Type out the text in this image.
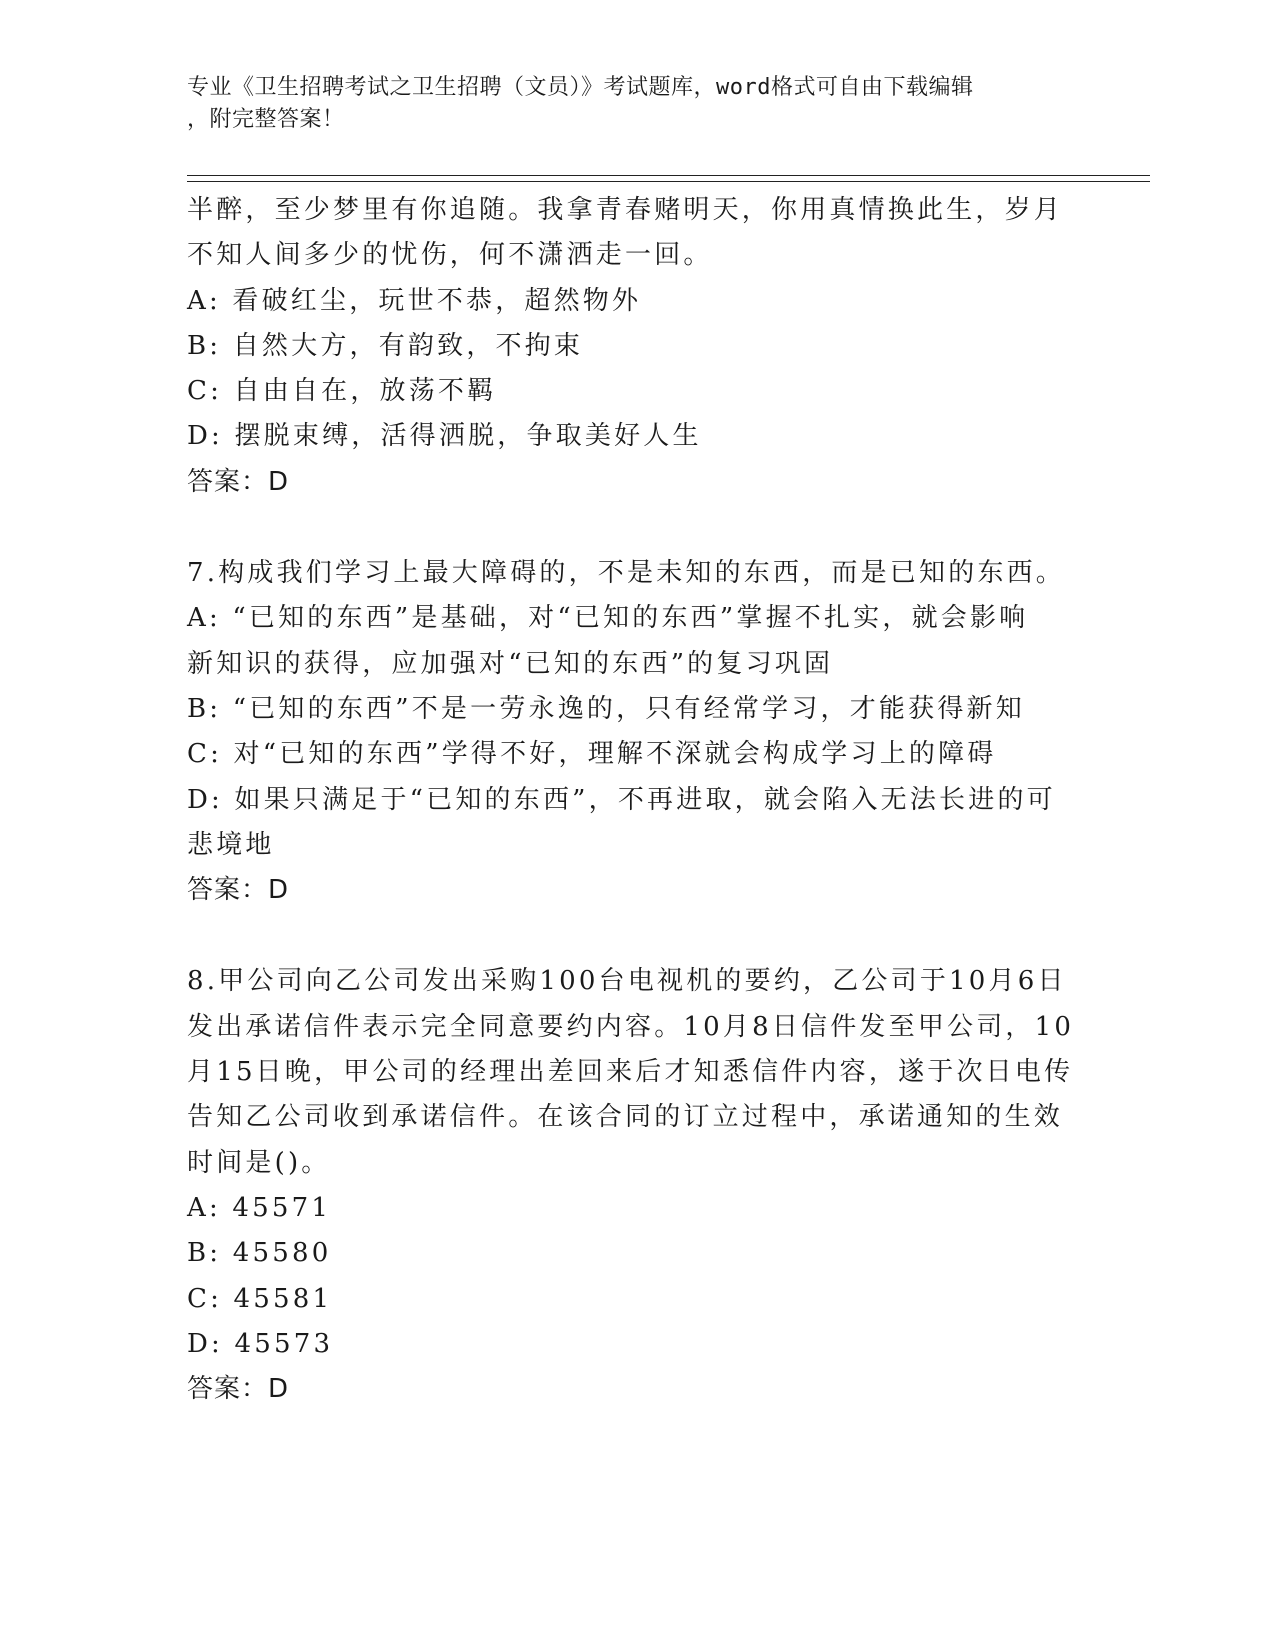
专业《卫生招聘考试之卫生招聘（文员）》考试题库，word格式可自由下载编辑
，附完整答案！
半醉，至少梦里有你追随。我拿青春赌明天，你用真情换此生，岁月
不知人间多少的忧伤，何不潇洒走一回。
A: 看破红尘，玩世不恭，超然物外
B: 自然大方，有韵致，不拘束
C: 自由自在，放荡不羁
D: 摆脱束缚，活得洒脱，争取美好人生
答案：D
7.构成我们学习上最大障碍的，不是未知的东西，而是已知的东西。
A: “已知的东西”是基础，对“已知的东西”掌握不扎实，就会影响
新知识的获得，应加强对“已知的东西”的复习巩固
B: “已知的东西”不是一劳永逸的，只有经常学习，才能获得新知
C: 对“已知的东西”学得不好，理解不深就会构成学习上的障碍
D: 如果只满足于“已知的东西”，不再进取，就会陷入无法长进的可
悲境地
答案：D
8.甲公司向乙公司发出采购100台电视机的要约，乙公司于10月6日
发出承诺信件表示完全同意要约内容。10月8日信件发至甲公司，10
月15日晚，甲公司的经理出差回来后才知悉信件内容，遂于次日电传
告知乙公司收到承诺信件。在该合同的订立过程中，承诺通知的生效
时间是()。
A: 45571
B: 45580
C: 45581
D: 45573
答案：D
